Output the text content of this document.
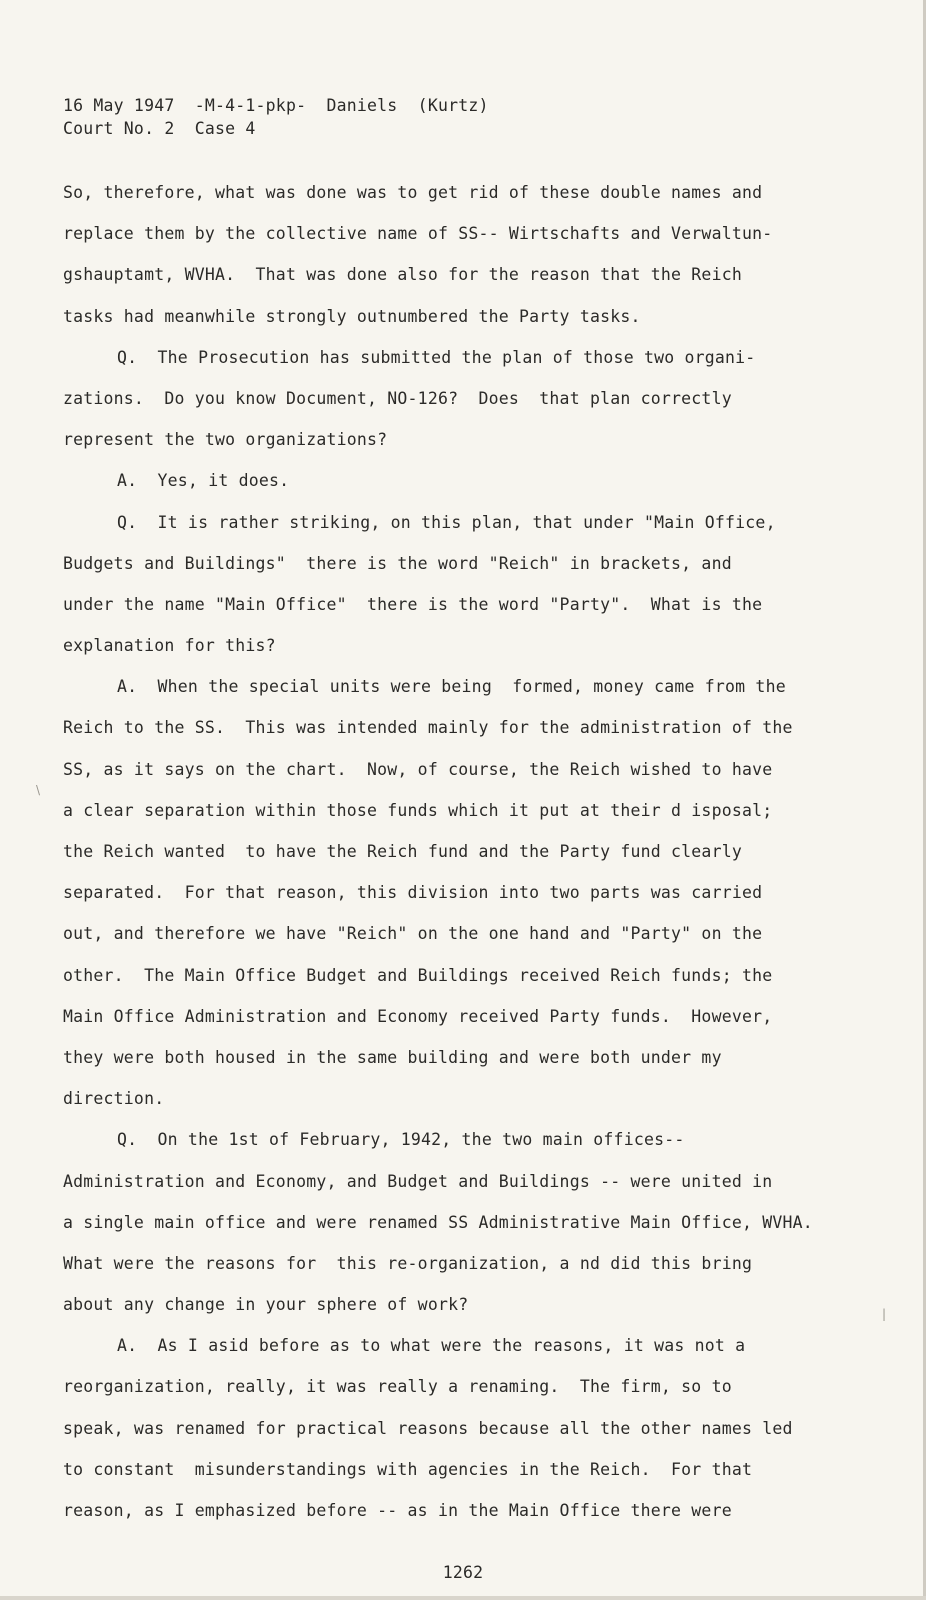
16 May 1947  -M-4-1-pkp-  Daniels  (Kurtz)
Court No. 2  Case 4
So, therefore, what was done was to get rid of these double names and
replace them by the collective name of SS-- Wirtschafts and Verwaltun-
gshauptamt, WVHA.  That was done also for the reason that the Reich
tasks had meanwhile strongly outnumbered the Party tasks.
Q.  The Prosecution has submitted the plan of those two organi-
zations.  Do you know Document, NO-126?  Does  that plan correctly
represent the two organizations?
A.  Yes, it does.
Q.  It is rather striking, on this plan, that under "Main Office,
Budgets and Buildings"  there is the word "Reich" in brackets, and
under the name "Main Office"  there is the word "Party".  What is the
explanation for this?
A.  When the special units were being  formed, money came from the
Reich to the SS.  This was intended mainly for the administration of the
SS, as it says on the chart.  Now, of course, the Reich wished to have
a clear separation within those funds which it put at their d isposal;
the Reich wanted  to have the Reich fund and the Party fund clearly
separated.  For that reason, this division into two parts was carried
out, and therefore we have "Reich" on the one hand and "Party" on the
other.  The Main Office Budget and Buildings received Reich funds; the
Main Office Administration and Economy received Party funds.  However,
they were both housed in the same building and were both under my
direction.
Q.  On the 1st of February, 1942, the two main offices--
Administration and Economy, and Budget and Buildings -- were united in
a single main office and were renamed SS Administrative Main Office, WVHA.
What were the reasons for  this re-organization, a nd did this bring
about any change in your sphere of work?
A.  As I asid before as to what were the reasons, it was not a
reorganization, really, it was really a renaming.  The firm, so to
speak, was renamed for practical reasons because all the other names led
to constant  misunderstandings with agencies in the Reich.  For that
reason, as I emphasized before -- as in the Main Office there were
1262
\
|
